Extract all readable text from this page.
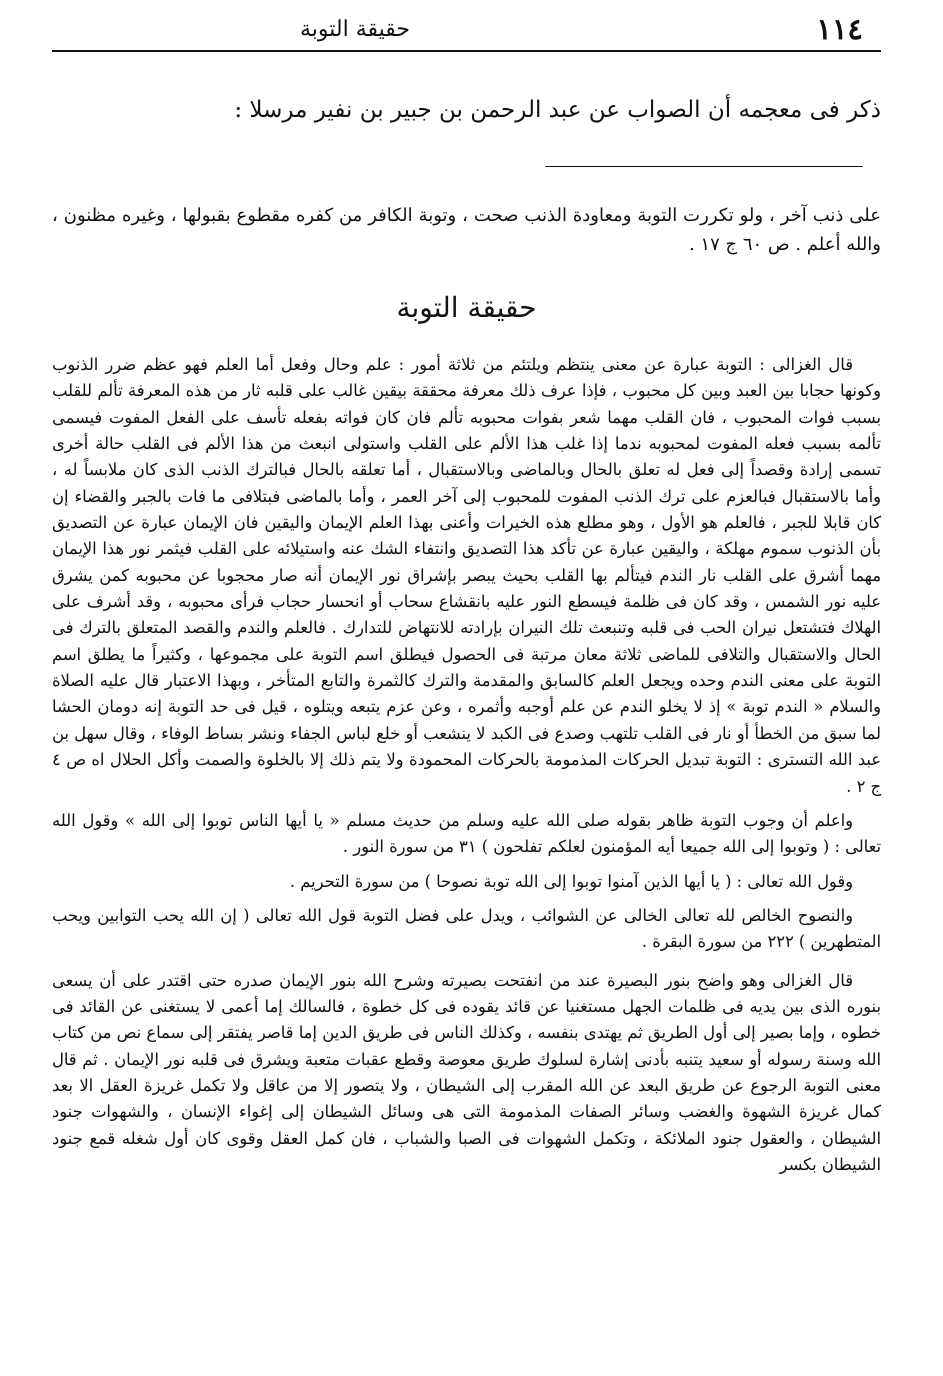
١١٤
حقيقة التوبة
ذكر فى معجمه أن الصواب عن عبد الرحمن بن جبير بن نفير مرسلا :
على ذنب آخر ، ولو تكررت التوبة ومعاودة الذنب صحت ، وتوبة الكافر من كفره مقطوع بقبولها ، وغيره مظنون ، والله أعلم . ص ٦٠ ج ١٧ .
حقيقة التوبة

قال الغزالى : التوبة عبارة عن معنى ينتظم ويلتئم من ثلاثة أمور : علم وحال وفعل أما العلم فهو عظم ضرر الذنوب وكونها حجابا بين العبد وبين كل محبوب ، فإذا عرف ذلك معرفة محققة بيقين غالب على قلبه ثار من هذه المعرفة تألم للقلب بسبب فوات المحبوب ، فان القلب مهما شعر بفوات محبوبه تألم فان كان فواته بفعله تأسف على الفعل المفوت فيسمى تألمه بسبب فعله المفوت لمحبوبه ندما إذا غلب هذا الألم على القلب واستولى انبعث من هذا الألم فى القلب حالة أخرى تسمى إرادة وقصداً إلى فعل له تعلق بالحال وبالماضى وبالاستقبال ، أما تعلقه بالحال فبالترك الذنب الذى كان ملابساً له ، وأما بالاستقبال فبالعزم على ترك الذنب المفوت للمحبوب إلى آخر العمر ، وأما بالماضى فبتلافى ما فات بالجبر والقضاء إن كان قابلا للجبر ، فالعلم هو الأول ، وهو مطلع هذه الخيرات وأعنى بهذا العلم الإيمان واليقين فان الإيمان عبارة عن التصديق بأن الذنوب سموم مهلكة ، واليقين عبارة عن تأكد هذا التصديق وانتفاء الشك عنه واستيلائه على القلب فيثمر نور هذا الإيمان مهما أشرق على القلب نار الندم فيتألم بها القلب بحيث يبصر بإشراق نور الإيمان أنه صار محجوبا عن محبوبه كمن يشرق عليه نور الشمس ، وقد كان فى ظلمة فيسطع النور عليه بانقشاع سحاب أو انحسار حجاب فرأى محبوبه ، وقد أشرف على الهلاك فتشتعل نيران الحب فى قلبه وتنبعث تلك النيران بإرادته للانتهاض للتدارك . فالعلم والندم والقصد المتعلق بالترك فى الحال والاستقبال والتلافى للماضى ثلاثة معان مرتبة فى الحصول فيطلق اسم التوبة على مجموعها ، وكثيراً ما يطلق اسم التوبة على معنى الندم وحده ويجعل العلم كالسابق والمقدمة والترك كالثمرة والتابع المتأخر ، وبهذا الاعتبار قال عليه الصلاة والسلام « الندم توبة » إذ لا يخلو الندم عن علم أوجبه وأثمره ، وعن عزم يتبعه ويتلوه ، قيل فى حد التوبة إنه دومان الحشا لما سبق من الخطأ أو نار فى القلب تلتهب وصدع فى الكبد لا ينشعب أو خلع لباس الجفاء ونشر بساط الوفاء ، وقال سهل بن عبد الله التسترى : التوبة تبديل الحركات المذمومة بالحركات المحمودة ولا يتم ذلك إلا بالخلوة والصمت وأكل الحلال اه ص ٤ ج ٢ .

واعلم أن وجوب التوبة ظاهر بقوله صلى الله عليه وسلم من حديث مسلم « يا أيها الناس توبوا إلى الله » وقول الله تعالى : ( وتوبوا إلى الله جميعا أيه المؤمنون لعلكم تفلحون ) ٣١ من سورة النور .

وقول الله تعالى : ( يا أيها الذين آمنوا توبوا إلى الله توبة نصوحا ) من سورة التحريم .

والنصوح الخالص لله تعالى الخالى عن الشوائب ، ويدل على فضل التوبة قول الله تعالى ( إن الله يحب التوابين ويحب المتطهرين ) ٢٢٢ من سورة البقرة .

قال الغزالى وهو واضح بنور البصيرة عند من انفتحت بصيرته وشرح الله بنور الإيمان صدره حتى اقتدر على أن يسعى بنوره الذى بين يديه فى ظلمات الجهل مستغنيا عن قائد يقوده فى كل خطوة ، فالسالك إما أعمى لا يستغنى عن القائد فى خطوه ، وإما بصير إلى أول الطريق ثم يهتدى بنفسه ، وكذلك الناس فى طريق الدين إما قاصر يفتقر إلى سماع نص من كتاب الله وسنة رسوله أو سعيد يتنبه بأدنى إشارة لسلوك طريق معوصة وقطع عقبات متعبة ويشرق فى قلبه نور الإيمان . ثم قال معنى التوبة الرجوع عن طريق البعد عن الله المقرب إلى الشيطان ، ولا يتصور إلا من عاقل ولا تكمل غريزة العقل الا بعد كمال غريزة الشهوة والغضب وسائر الصفات المذمومة التى هى وسائل الشيطان إلى إغواء الإنسان ، والشهوات جنود الشيطان ، والعقول جنود الملائكة ، وتكمل الشهوات فى الصبا والشباب ، فان كمل العقل وقوى كان أول شغله قمع جنود الشيطان بكسر
